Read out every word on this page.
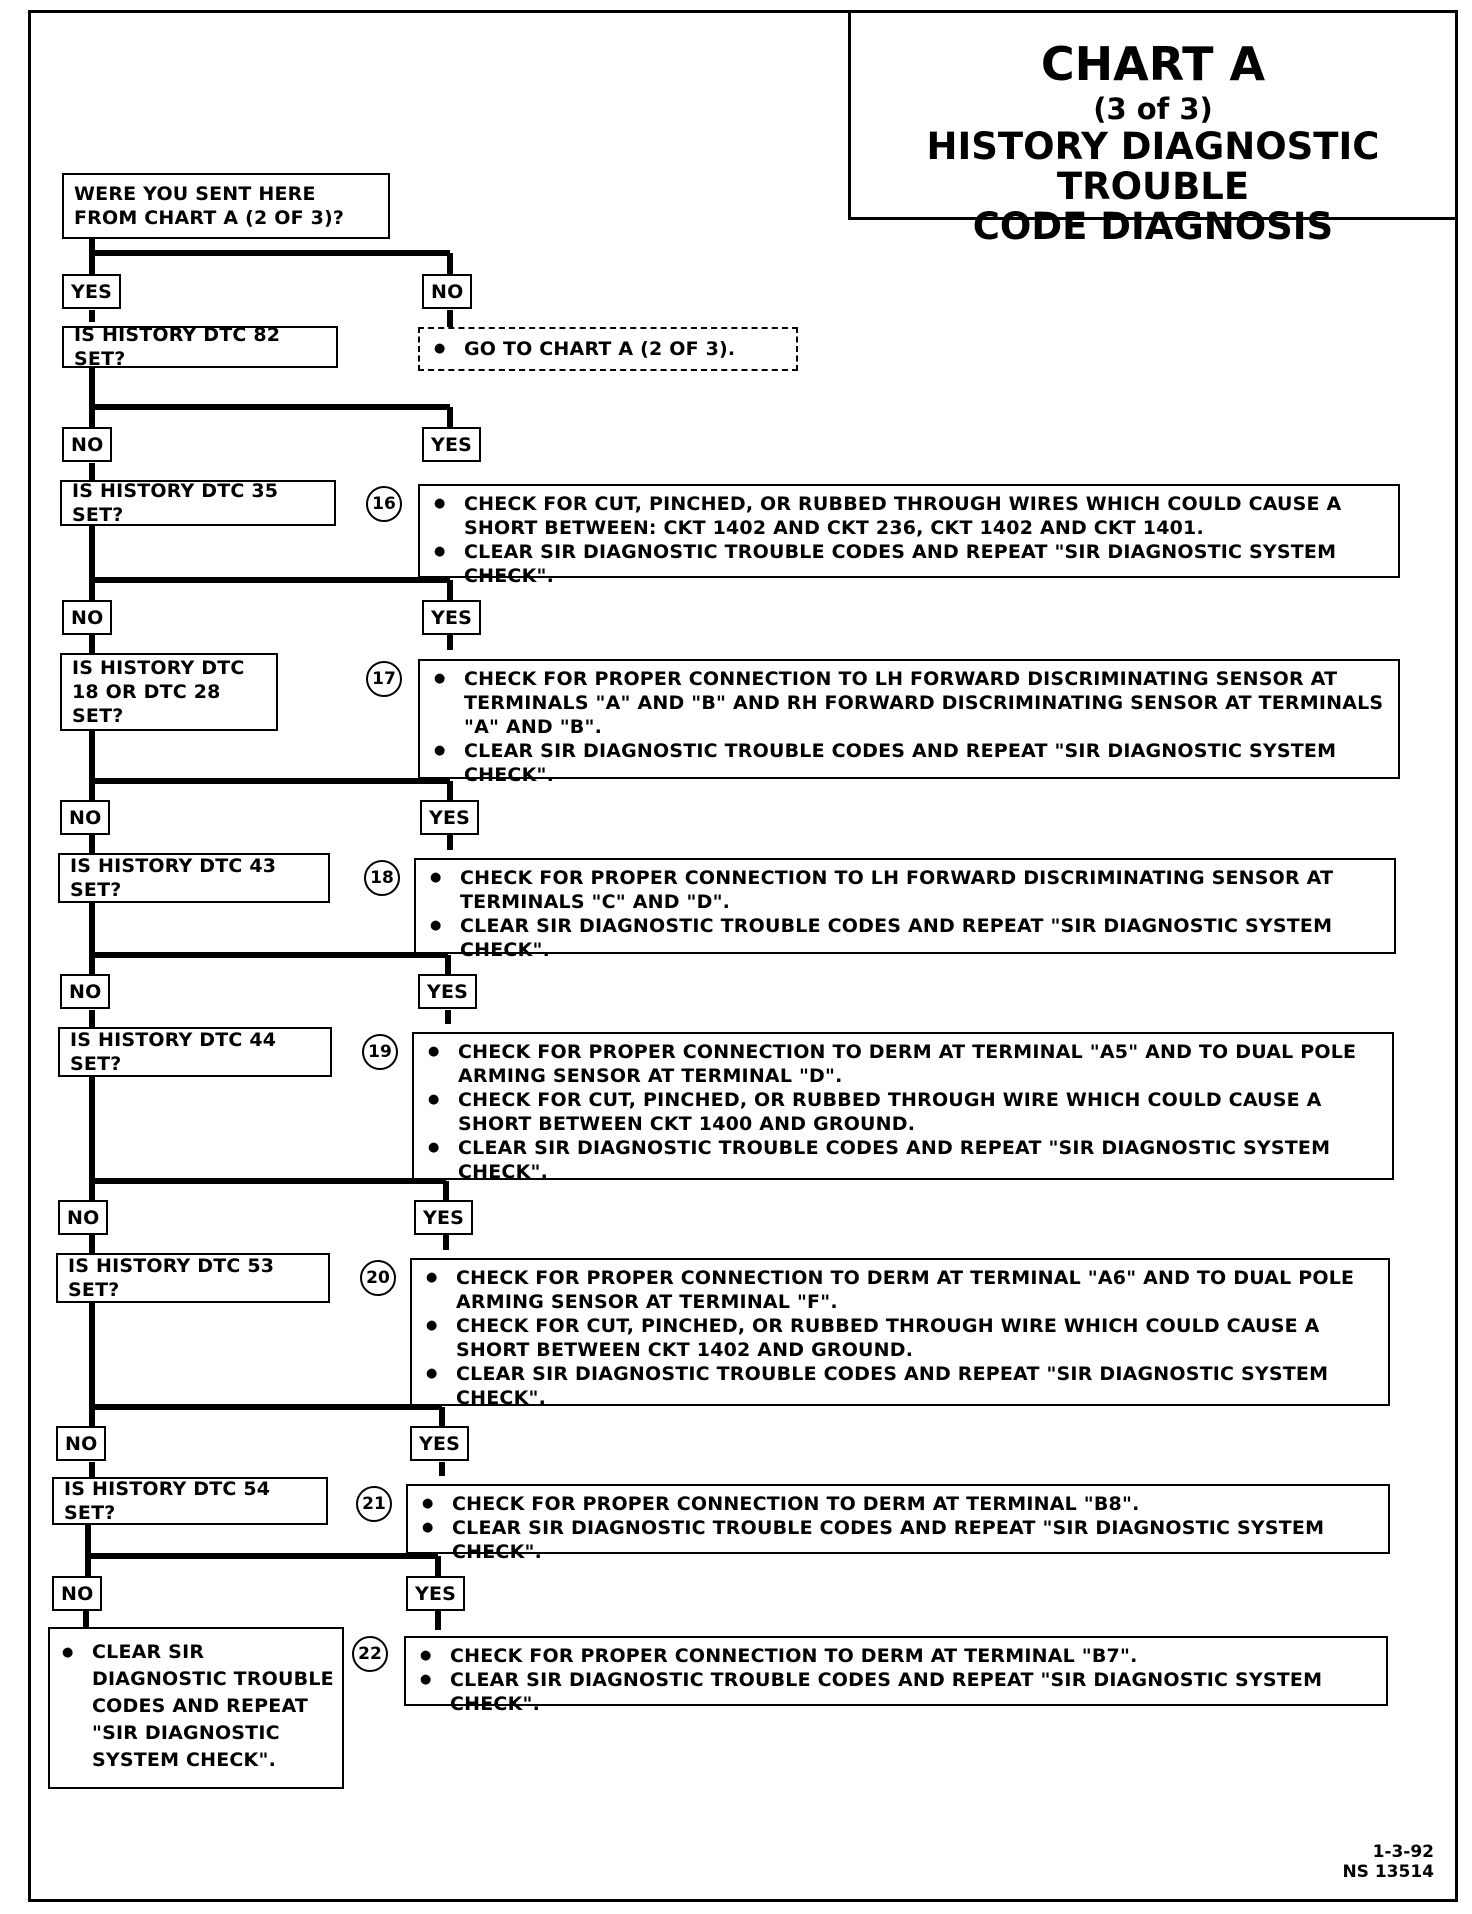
CHART A
(3 of 3)
HISTORY DIAGNOSTIC TROUBLE
CODE DIAGNOSIS
WERE YOU SENT HERE FROM CHART A (2 OF 3)?
YES	NO
IS HISTORY DTC 82 SET?	● GO TO CHART A (2 OF 3).
NO	YES
IS HISTORY DTC 35 SET?	16	● CHECK FOR CUT, PINCHED, OR RUBBED THROUGH WIRES WHICH COULD CAUSE A SHORT BETWEEN: CKT 1402 AND CKT 236, CKT 1402 AND CKT 1401.
● CLEAR SIR DIAGNOSTIC TROUBLE CODES AND REPEAT "SIR DIAGNOSTIC SYSTEM CHECK".
NO	YES
IS HISTORY DTC 18 OR DTC 28 SET?
17	● CHECK FOR PROPER CONNECTION TO LH FORWARD DISCRIMINATING SENSOR AT TERMINALS "A" AND "B" AND RH FORWARD DISCRIMINATING SENSOR AT TERMINALS "A" AND "B".
● CLEAR SIR DIAGNOSTIC TROUBLE CODES AND REPEAT "SIR DIAGNOSTIC SYSTEM CHECK".
NO	YES
IS HISTORY DTC 43 SET?
18	● CHECK FOR PROPER CONNECTION TO LH FORWARD DISCRIMINATING SENSOR AT TERMINALS "C" AND "D".
● CLEAR SIR DIAGNOSTIC TROUBLE CODES AND REPEAT "SIR DIAGNOSTIC SYSTEM CHECK".
NO	YES
IS HISTORY DTC 44 SET?
19	● CHECK FOR PROPER CONNECTION TO DERM AT TERMINAL "A5" AND TO DUAL POLE ARMING SENSOR AT TERMINAL "D".
● CHECK FOR CUT, PINCHED, OR RUBBED THROUGH WIRE WHICH COULD CAUSE A SHORT BETWEEN CKT 1400 AND GROUND.
● CLEAR SIR DIAGNOSTIC TROUBLE CODES AND REPEAT "SIR DIAGNOSTIC SYSTEM CHECK".
NO	YES
IS HISTORY DTC 53 SET?
20	● CHECK FOR PROPER CONNECTION TO DERM AT TERMINAL "A6" AND TO DUAL POLE ARMING SENSOR AT TERMINAL "F".
● CHECK FOR CUT, PINCHED, OR RUBBED THROUGH WIRE WHICH COULD CAUSE A SHORT BETWEEN CKT 1402 AND GROUND.
● CLEAR SIR DIAGNOSTIC TROUBLE CODES AND REPEAT "SIR DIAGNOSTIC SYSTEM CHECK".
NO	YES
IS HISTORY DTC 54 SET?	21	● CHECK FOR PROPER CONNECTION TO DERM AT TERMINAL "B8".
● CLEAR SIR DIAGNOSTIC TROUBLE CODES AND REPEAT "SIR DIAGNOSTIC SYSTEM CHECK".
NO	YES
● CLEAR SIR DIAGNOSTIC TROUBLE CODES AND REPEAT "SIR DIAGNOSTIC SYSTEM CHECK".
22	● CHECK FOR PROPER CONNECTION TO DERM AT TERMINAL "B7".
● CLEAR SIR DIAGNOSTIC TROUBLE CODES AND REPEAT "SIR DIAGNOSTIC SYSTEM CHECK".
1-3-92
NS 13514
